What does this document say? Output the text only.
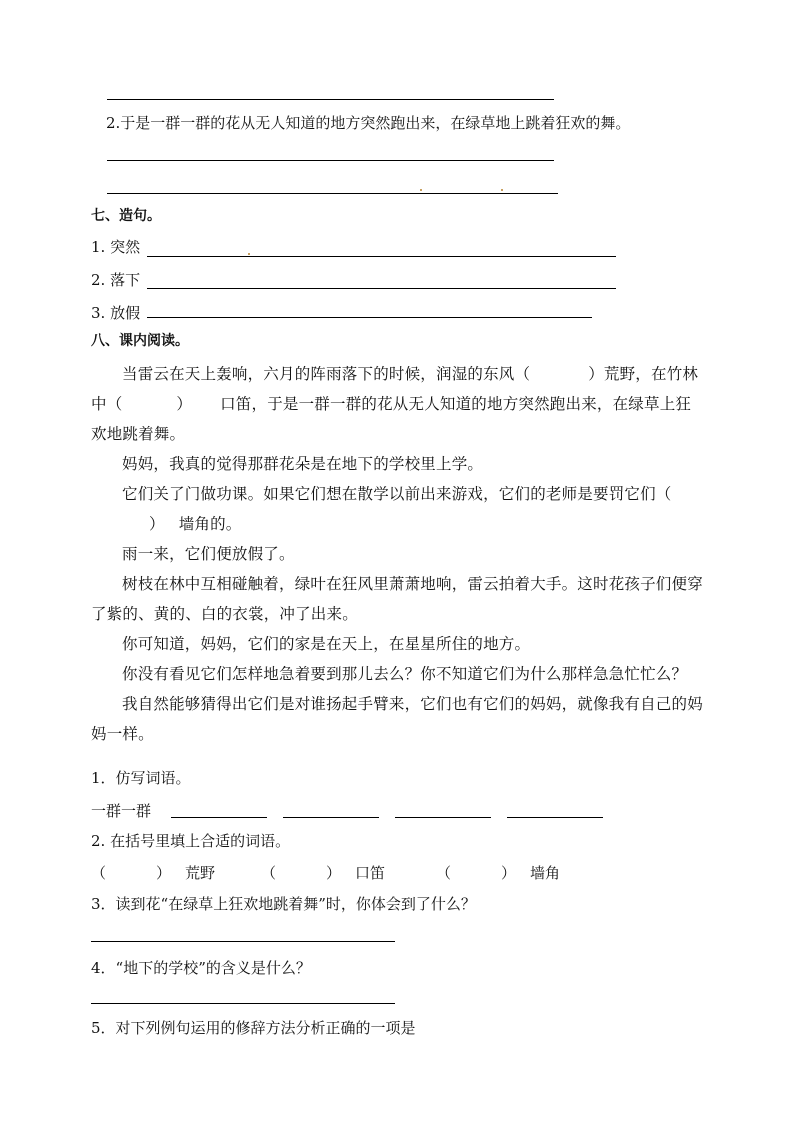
2.于是一群一群的花从无人知道的地方突然跑出来，在绿草地上跳着狂欢的舞。
七、造句。
1. 突然
2. 落下
3. 放假
八、课内阅读。
当雷云在天上轰响，六月的阵雨落下的时候，润湿的东风（	）荒野，在竹林
中（	） 口笛，于是一群一群的花从无人知道的地方突然跑出来，在绿草上狂欢地跳着舞。
妈妈，我真的觉得那群花朵是在地下的学校里上学。
它们关了门做功课。如果它们想在散学以前出来游戏，它们的老师是要罚它们（） 墙角的。
雨一来，它们便放假了。
树枝在林中互相碰触着，绿叶在狂风里萧萧地响，雷云拍着大手。这时花孩子们便穿了紫的、黄的、白的衣裳，冲了出来。
你可知道，妈妈，它们的家是在天上，在星星所住的地方。
你没有看见它们怎样地急着要到那儿去么？你不知道它们为什么那样急急忙忙么？
我自然能够猜得出它们是对谁扬起手臂来，它们也有它们的妈妈，就像我有自己的妈妈一样。
1．仿写词语。
一群一群
2. 在括号里填上合适的词语。
（	） 荒野	（	） 口笛	（	） 墙角
3．读到花“在绿草上狂欢地跳着舞”时，你体会到了什么？
4．“地下的学校”的含义是什么？
5．对下列例句运用的修辞方法分析正确的一项是
